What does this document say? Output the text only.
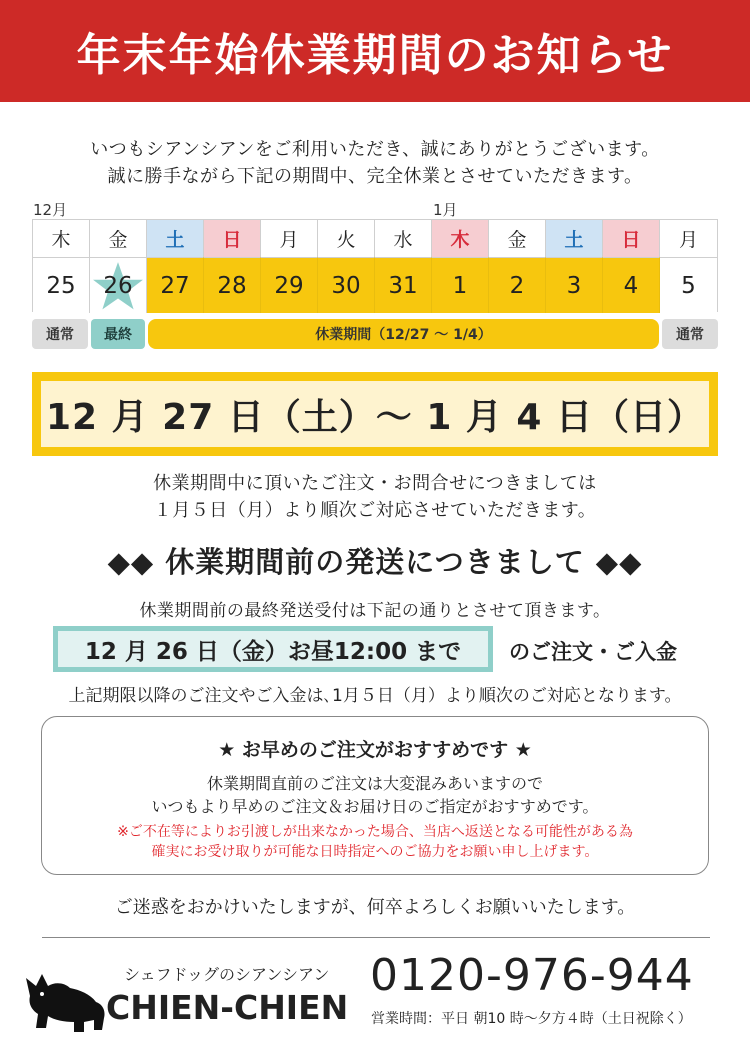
年末年始休業期間のお知らせ
いつもシアンシアンをご利用いただき、誠にありがとうございます。
誠に勝手ながら下記の期間中、完全休業とさせていただきます。
12月	1月
木	金	土	日	月	火	水	木	金	土	日	月
25 26 27 28 29 30 31 1 2 3 4 5
通常	最終	休業期間（12/27 〜 1/4）	通常
12 月 27 日（土）〜 1 月 4 日（日）
休業期間中に頂いたご注文・お問合せにつきましては
１月５日（月）より順次ご対応させていただきます。
◆◆ 休業期間前の発送につきまして ◆◆
休業期間前の最終発送受付は下記の通りとさせて頂きます。
12 月 26 日（金）お昼12:00 まで	のご注文・ご入金
上記期限以降のご注文やご入金は､1月５日（月）より順次のご対応となります。
★ お早めのご注文がおすすめです ★
休業期間直前のご注文は大変混みあいますので
いつもより早めのご注文＆お届け日のご指定がおすすめです。
※ご不在等によりお引渡しが出来なかった場合、当店へ返送となる可能性がある為
確実にお受け取りが可能な日時指定へのご協力をお願い申し上げます。
ご迷惑をおかけいたしますが、何卒よろしくお願いいたします。
シェフドッグのシアンシアン
CHIEN-CHIEN
0120-976-944
営業時間：平日 朝10 時〜夕方４時（土日祝除く）
